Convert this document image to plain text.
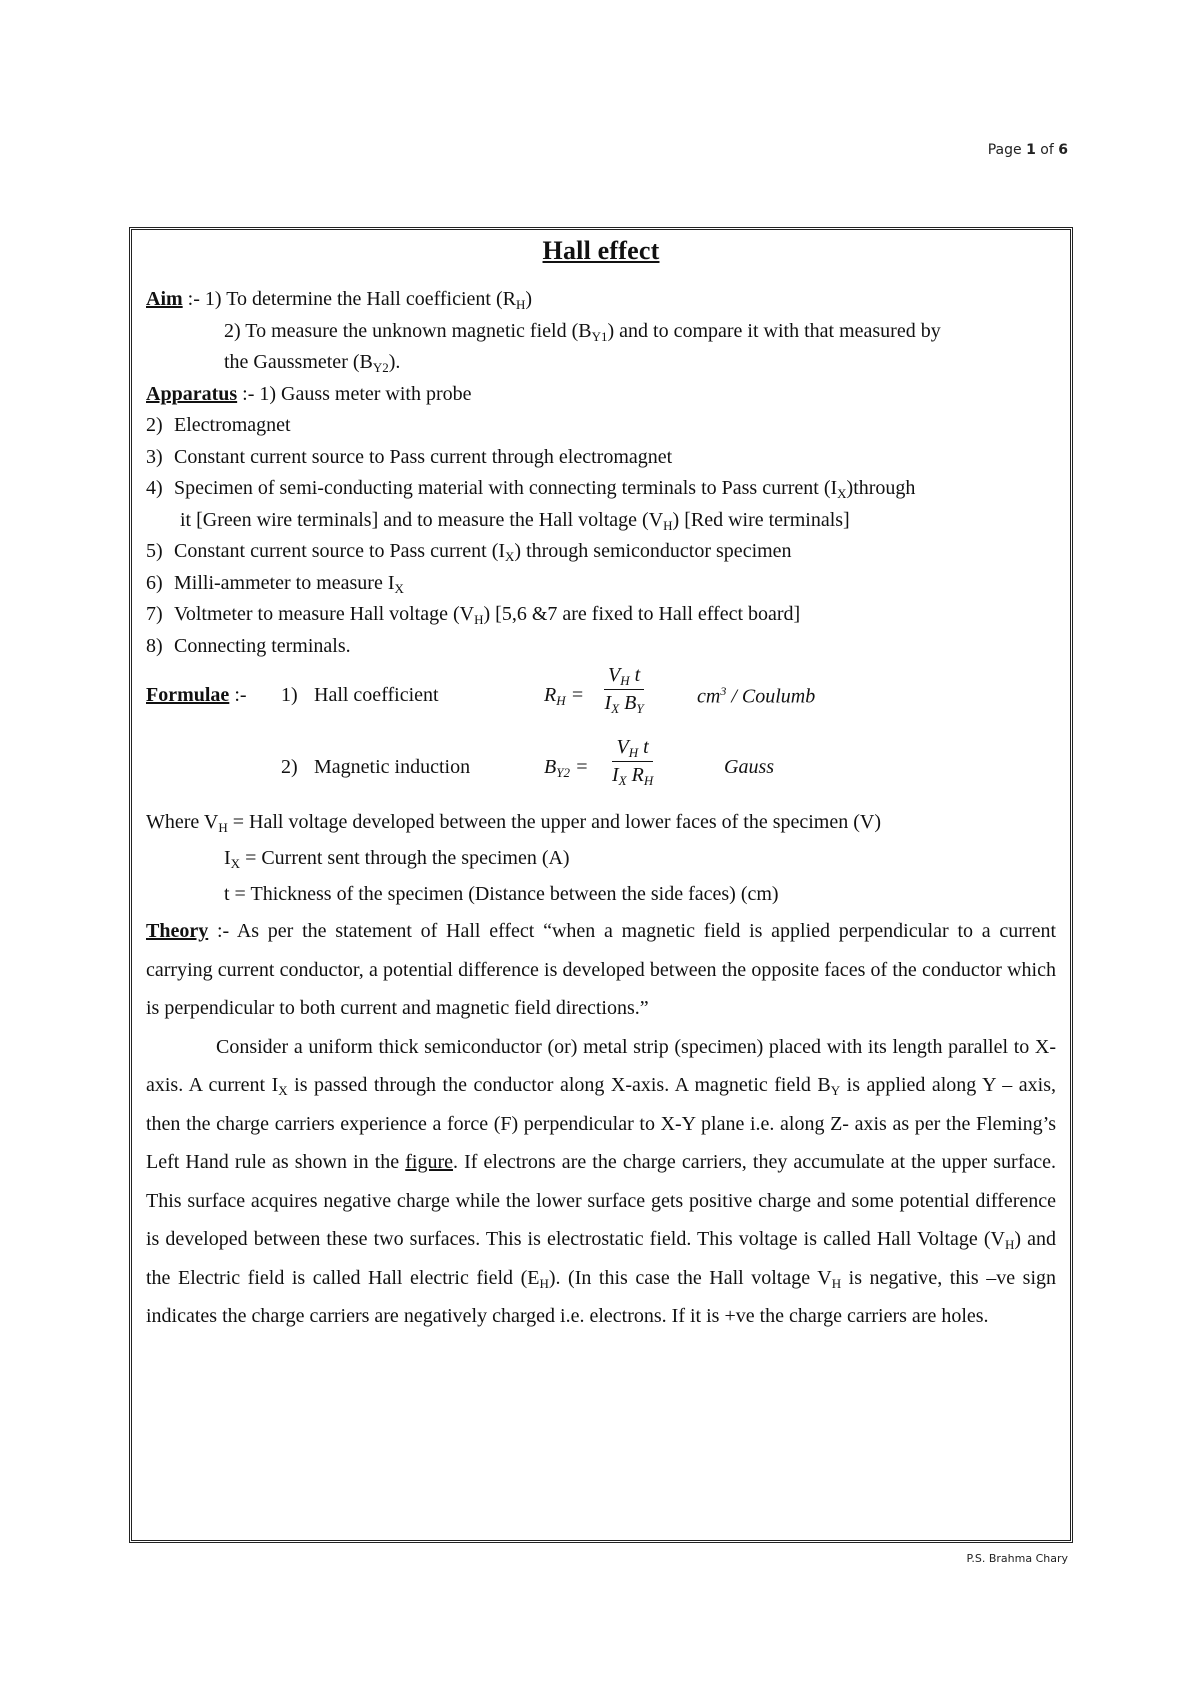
Page 1 of 6
Hall effect
Aim :- 1) To determine the Hall coefficient $(R_H)$
2) To measure the unknown magnetic field $(B_{Y1})$ and to compare it with that measured by
the Gaussmeter $(B_{Y2})$.
Apparatus :- 1) Gauss meter with probe
2) Electromagnet
3) Constant current source to Pass current through electromagnet
4) Specimen of semi-conducting material with connecting terminals to Pass current $(I_X)through$
it [Green wire terminals] and to measure the Hall voltage $(V_H)$ [Red wire terminals]
5) Constant current source to Pass current $(I_X)$ through semiconductor specimen
6) Milli-ammeter to measure $I_X$
7) Voltmeter to measure Hall voltage $(V_H)$ [5,6 &7 are fixed to Hall effect board]
8) Connecting terminals.
Formulae :- 1) Hall coefficient	$R_H = \frac{V_H t}{I_X B_Y}$	$cm^3$ / Coulumb
2) Magnetic induction	$B_{Y2} = \frac{V_H t}{I_X R_H}$	Gauss
Where $V_H$ = Hall voltage developed between the upper and lower faces of the specimen (V)
$I_X$ = Current sent through the specimen (A)
t = Thickness of the specimen (Distance between the side faces) (cm)

Theory :- As per the statement of Hall effect “when a magnetic field is applied perpendicular to a current carrying current conductor, a potential difference is developed between the opposite faces of the conductor which is perpendicular to both current and magnetic field directions.”

Consider a uniform thick semiconductor (or) metal strip (specimen) placed with its length parallel to X-axis. A current $I_X$ is passed through the conductor along X-axis. A magnetic field $B_Y$ is applied along Y – axis, then the charge carriers experience a force (F) perpendicular to X-Y plane i.e. along Z- axis as per the Fleming’s Left Hand rule as shown in the figure. If electrons are the charge carriers, they accumulate at the upper surface. This surface acquires negative charge while the lower surface gets positive charge and some potential difference is developed between these two surfaces. This is electrostatic field. This voltage is called Hall Voltage $(V_H)$ and the Electric field is called Hall electric field $(E_H)$. (In this case the Hall voltage $V_H$ is negative, this –ve sign indicates the charge carriers are negatively charged i.e. electrons. If it is +ve the charge carriers are holes.

P.S. Brahma Chary
